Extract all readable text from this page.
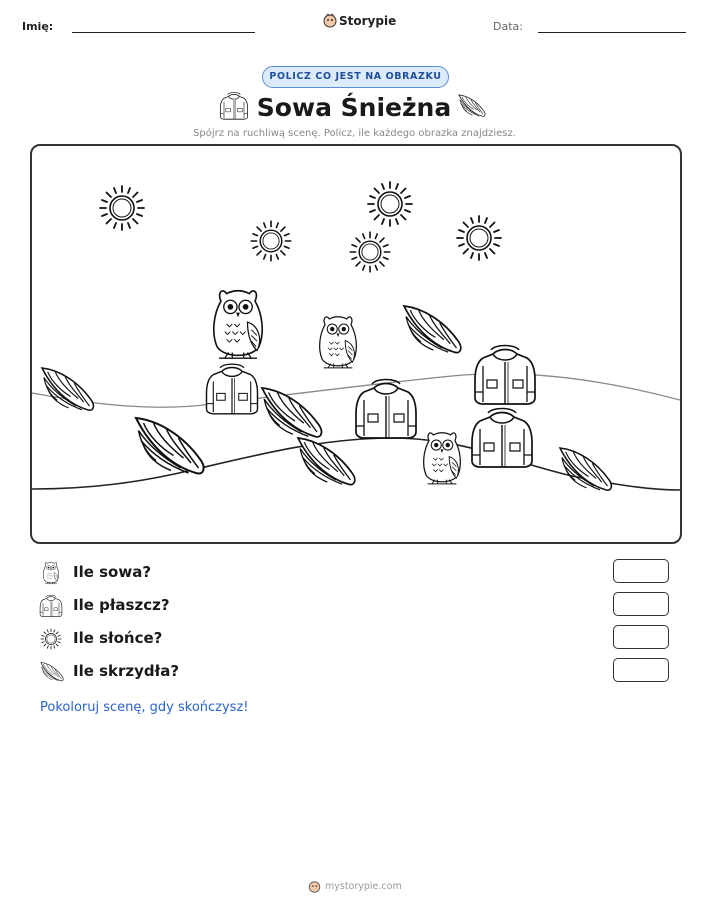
Imię:	Storypie	Data:
POLICZ CO JEST NA OBRAZKU
Sowa Śnieżna
Spójrz na ruchliwą scenę. Policz, ile każdego obrazka znajdziesz.
Ile sowa?
Ile płaszcz?
Ile słońce?
Ile skrzydła?
Pokoloruj scenę, gdy skończysz!
mystorypie.com
